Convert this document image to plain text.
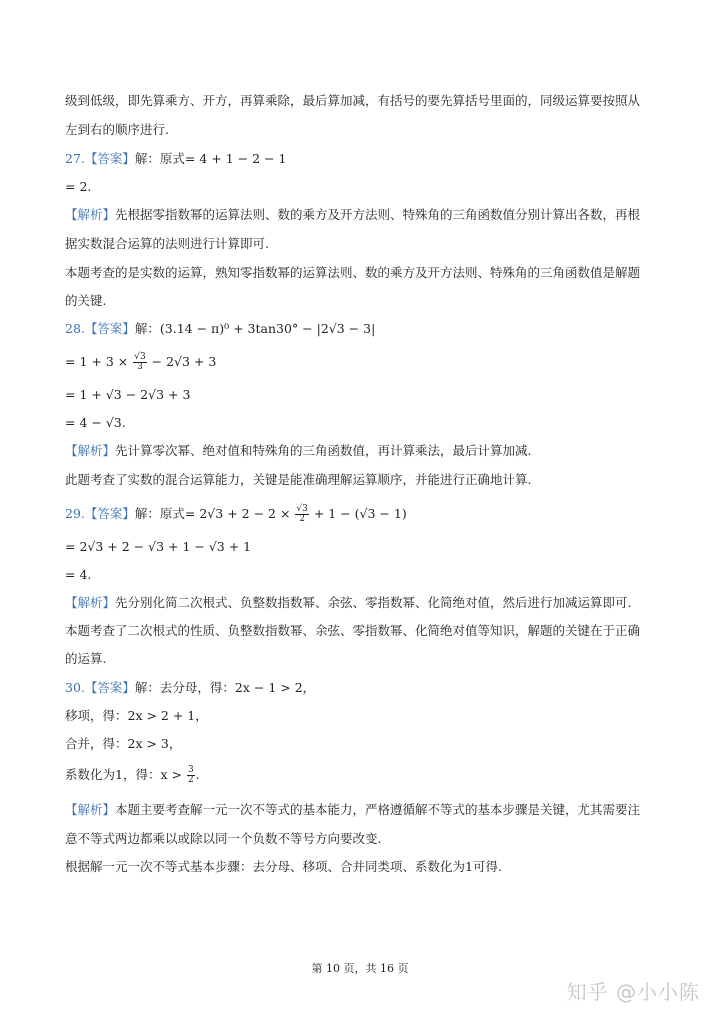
级到低级，即先算乘方、开方，再算乘除，最后算加减，有括号的要先算括号里面的，同级运算要按照从
左到右的顺序进行.
27.【答案】解：原式= 4 + 1 − 2 − 1
= 2.
【解析】先根据零指数幂的运算法则、数的乘方及开方法则、特殊角的三角函数值分别计算出各数，再根
据实数混合运算的法则进行计算即可.
本题考查的是实数的运算，熟知零指数幂的运算法则、数的乘方及开方法则、特殊角的三角函数值是解题
的关键.
28.【答案】解：(3.14 − π)⁰ + 3tan30° − |2√3 − 3|
= $1 + 3 \times \frac{√3}{3} - 2√3 + 3$
= 1 + √3 − 2√3 + 3
= 4 − √3.
【解析】先计算零次幂、绝对值和特殊角的三角函数值，再计算乘法，最后计算加减.
此题考查了实数的混合运算能力，关键是能准确理解运算顺序，并能进行正确地计算.
29.【答案】解：原式= $2√3 + 2 - 2 \times \frac{√3}{2} + 1 - (√3 - 1)$
= 2√3 + 2 − √3 + 1 − √3 + 1
= 4.
【解析】先分别化简二次根式、负整数指数幂、余弦、零指数幂、化简绝对值，然后进行加减运算即可.
本题考查了二次根式的性质、负整数指数幂、余弦、零指数幂、化简绝对值等知识，解题的关键在于正确
的运算.
30.【答案】解：去分母，得：2x − 1 > 2，
移项，得：2x > 2 + 1，
合并，得：2x > 3，
系数化为1，得：$x > \frac{3}{2}$ .
【解析】本题主要考查解一元一次不等式的基本能力，严格遵循解不等式的基本步骤是关键，尤其需要注
意不等式两边都乘以或除以同一个负数不等号方向要改变.
根据解一元一次不等式基本步骤：去分母、移项、合并同类项、系数化为1可得.
第 10 页，共 16 页
知乎 @小小陈
